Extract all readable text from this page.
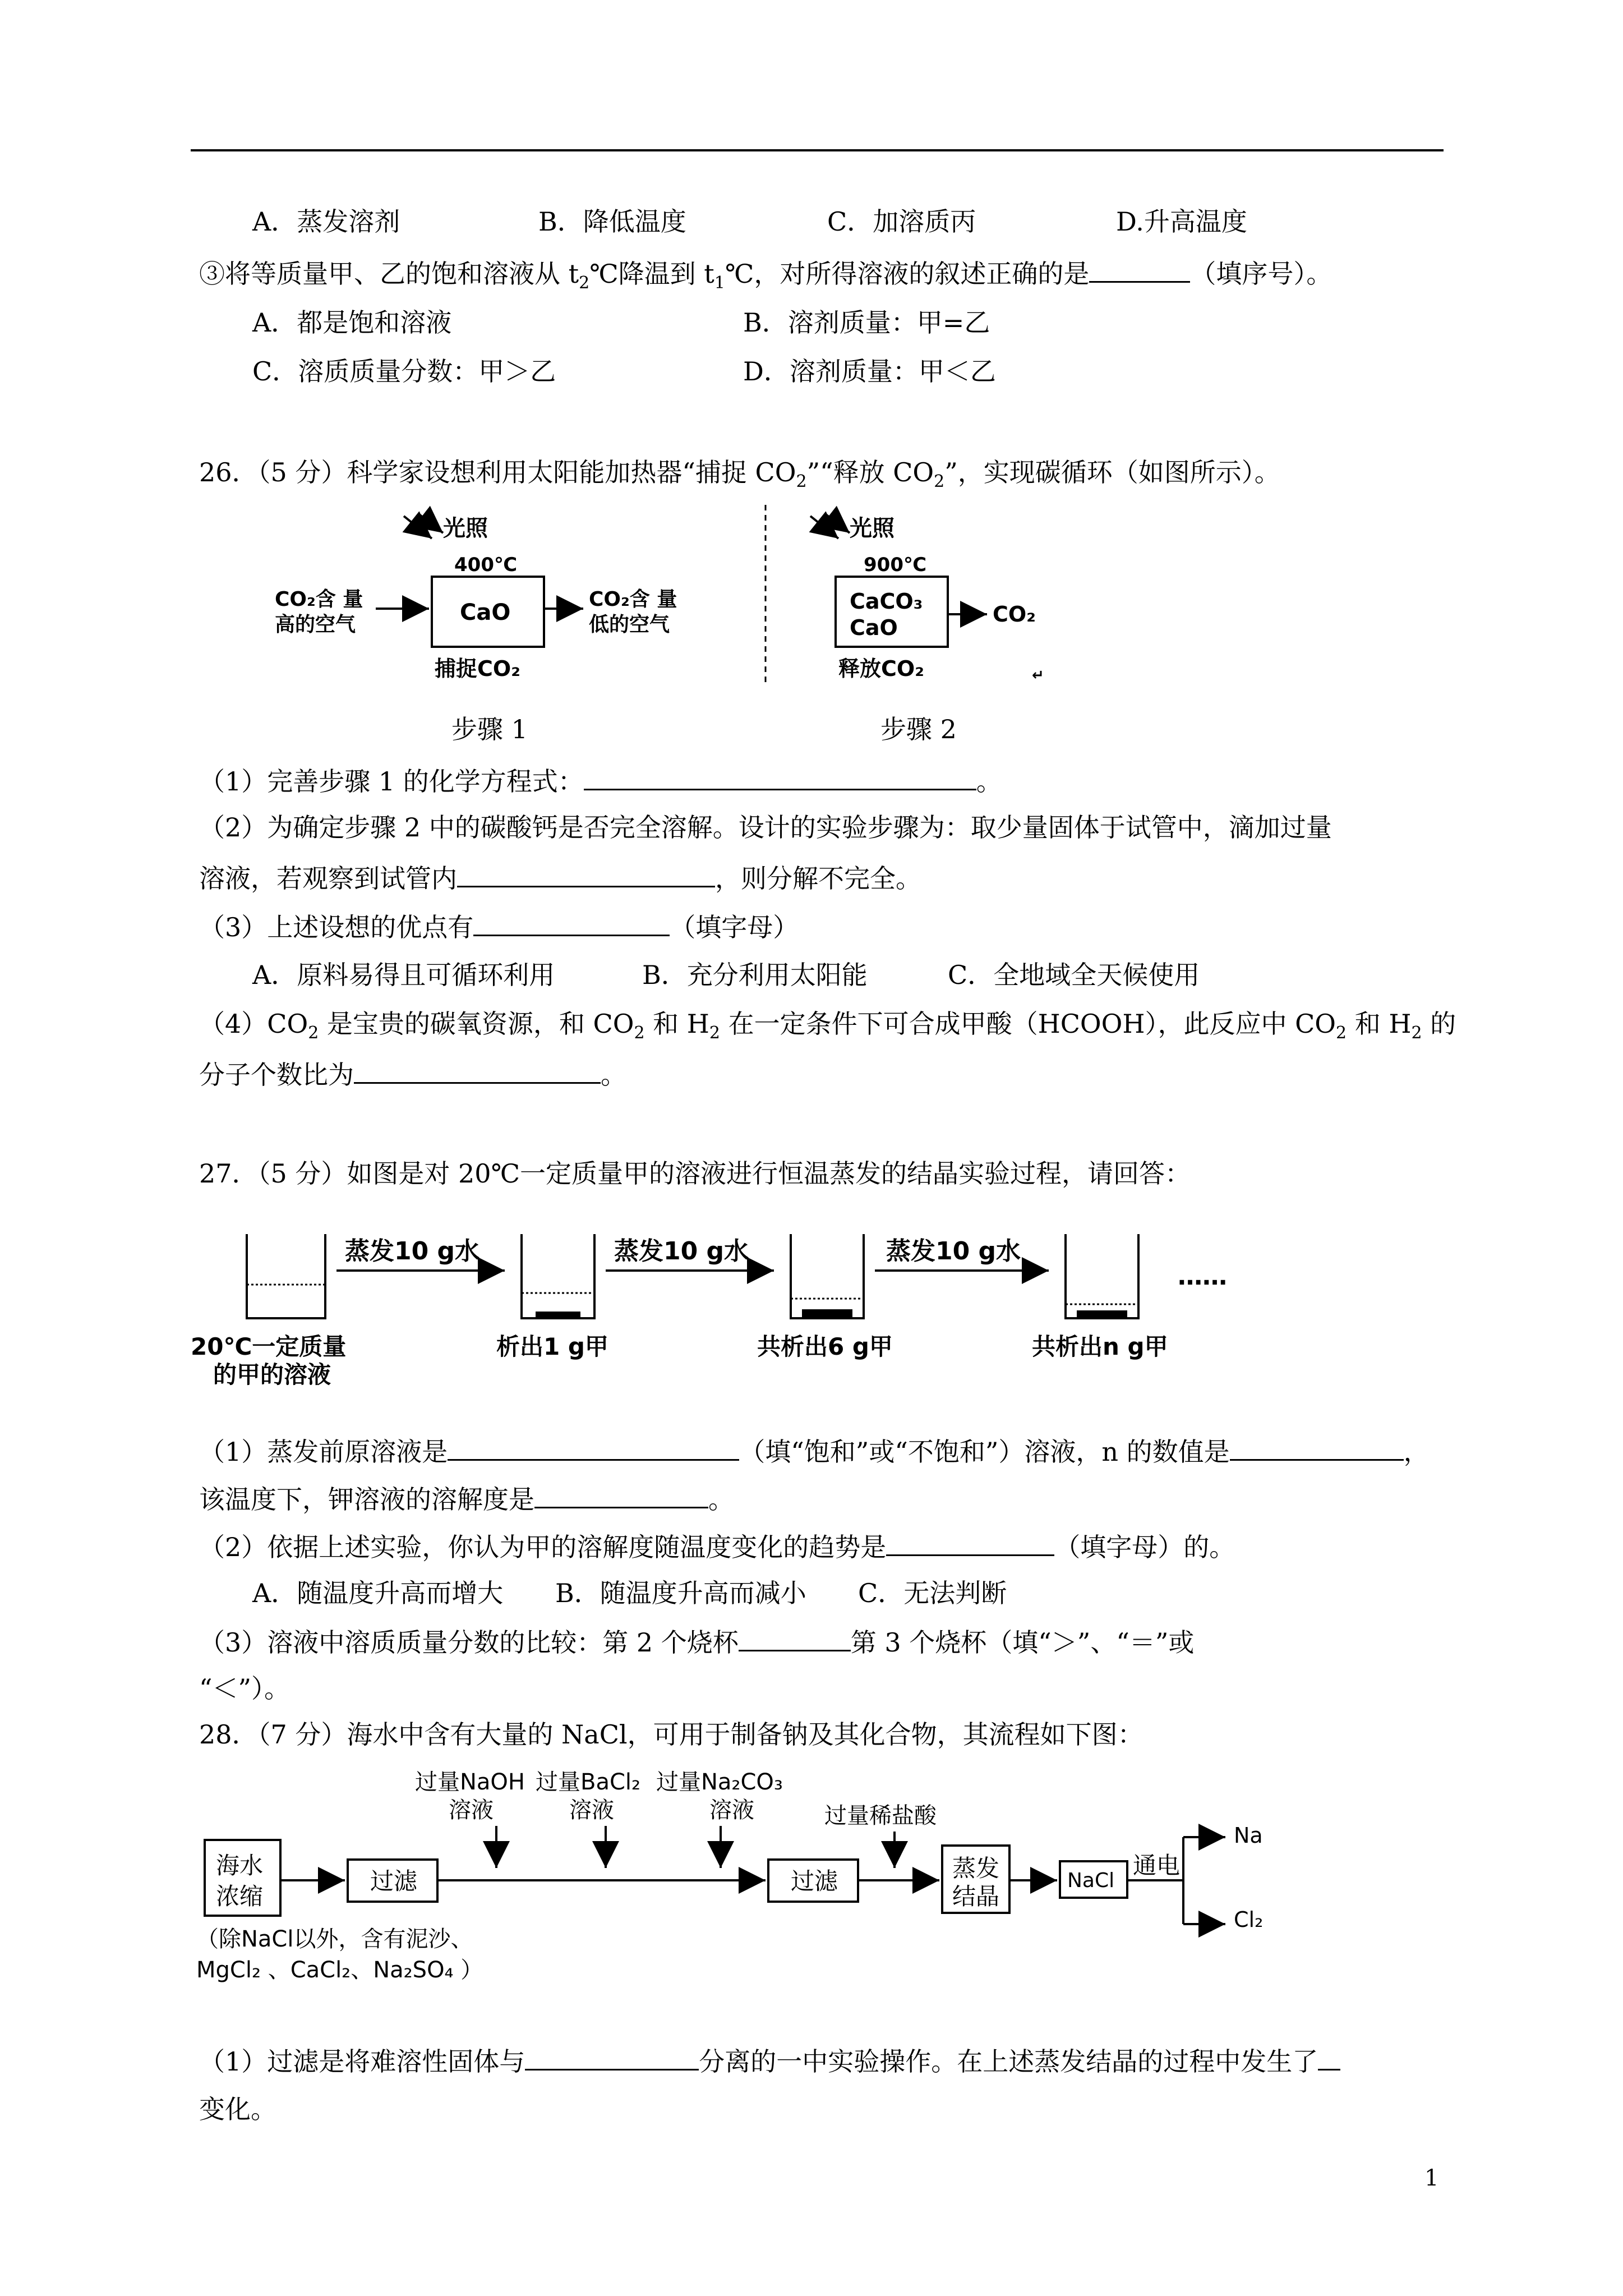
A．蒸发溶剂	B．降低温度	C．加溶质丙	D.升高温度
③将等质量甲、乙的饱和溶液从 $t_2℃$降温到 $t_1℃$，对所得溶液的叙述正确的是	（填序号）。
A．都是饱和溶液	B．溶剂质量：甲=乙
C．溶质质量分数：甲＞乙	D．溶剂质量：甲＜乙
26．（5 分）科学家设想利用太阳能加热器“捕捉 $CO_2”“$释放 $CO_2$”，实现碳循环（如图所示）。
光照
400℃
CaO
CO₂含 量
高的空气
CO₂含 量
低的空气
捕捉CO₂
光照
900℃
CaCO₃
CaO
CO₂
释放CO₂	↵
步骤 1	步骤 2
（1）完善步骤 1 的化学方程式：	。
（2）为确定步骤 2 中的碳酸钙是否完全溶解。设计的实验步骤为：取少量固体于试管中，滴加过量
溶液，若观察到试管内	，则分解不完全。
（3）上述设想的优点有	（填字母）
A．原料易得且可循环利用	B．充分利用太阳能	C．全地域全天候使用
$(4)CO_2$ 是宝贵的碳氧资源，和 $CO_2$ 和 $H_2$ 在一定条件下可合成甲酸（HCOOH），此反应中 $CO_2$ 和 $H_2$ 的
分子个数比为	。
27．（5 分）如图是对 20℃一定质量甲的溶液进行恒温蒸发的结晶实验过程，请回答：
蒸发10 g水	蒸发10 g水	蒸发10 g水
……
20℃一定质量
的甲的溶液
析出1 g甲	共析出6 g甲	共析出n g甲
（1）蒸发前原溶液是	（填“饱和”或“不饱和”）溶液，n 的数值是	，
该温度下，钾溶液的溶解度是	。
（2）依据上述实验，你认为甲的溶解度随温度变化的趋势是	（填字母）的。
A．随温度升高而增大 B．随温度升高而减小 C．无法判断
（3）溶液中溶质质量分数的比较：第 2 个烧杯	第 3 个烧杯（填“＞”、“＝”或
“＜”）。
28．（7 分）海水中含有大量的 NaCl，可用于制备钠及其化合物，其流程如下图：
过量NaOH
溶液
过量BaCl₂
溶液
过量Na₂CO₃
溶液	过量稀盐酸
海水
浓缩
过滤	过滤	蒸发
结晶
NaCl
通电
Na
Cl₂
（除NaCl以外，含有泥沙、
MgCl₂ 、CaCl₂、Na₂SO₄ ）
（1）过滤是将难溶性固体与	分离的一中实验操作。在上述蒸发结晶的过程中发生了
变化。
1
